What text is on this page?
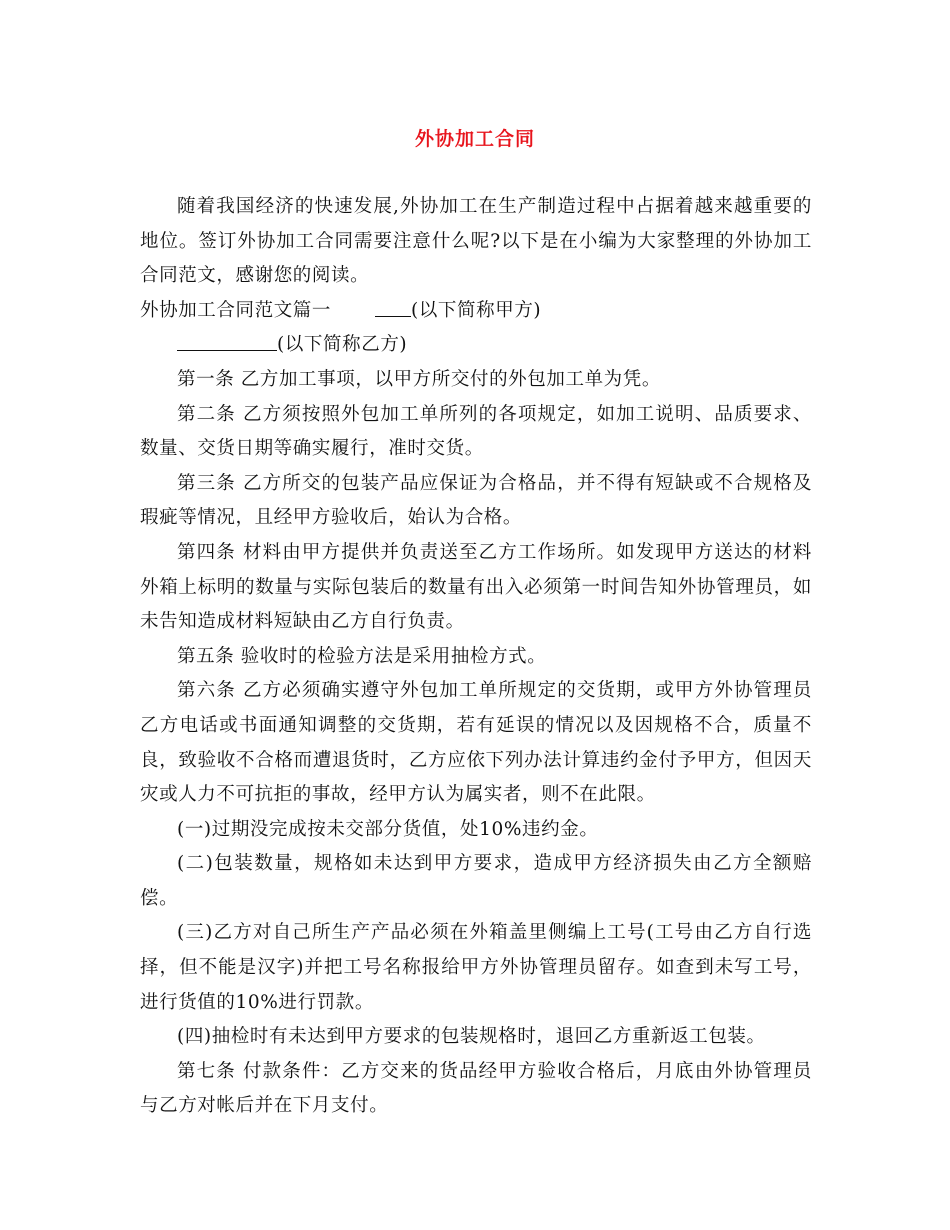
外协加工合同

随着我国经济的快速发展,外协加工在生产制造过程中占据着越来越重要的地位。签订外协加工合同需要注意什么呢?以下是在小编为大家整理的外协加工合同范文，感谢您的阅读。

外协加工合同范文篇一	(以下简称甲方)

(以下简称乙方)

第一条 乙方加工事项，以甲方所交付的外包加工单为凭。

第二条 乙方须按照外包加工单所列的各项规定，如加工说明、品质要求、数量、交货日期等确实履行，准时交货。

第三条 乙方所交的包装产品应保证为合格品，并不得有短缺或不合规格及瑕疵等情况，且经甲方验收后，始认为合格。

第四条 材料由甲方提供并负责送至乙方工作场所。如发现甲方送达的材料外箱上标明的数量与实际包装后的数量有出入必须第一时间告知外协管理员，如未告知造成材料短缺由乙方自行负责。

第五条 验收时的检验方法是采用抽检方式。

第六条 乙方必须确实遵守外包加工单所规定的交货期，或甲方外协管理员乙方电话或书面通知调整的交货期，若有延误的情况以及因规格不合，质量不良，致验收不合格而遭退货时，乙方应依下列办法计算违约金付予甲方，但因天灾或人力不可抗拒的事故，经甲方认为属实者，则不在此限。

(一)过期没完成按未交部分货值，处10%违约金。

(二)包装数量，规格如未达到甲方要求，造成甲方经济损失由乙方全额赔偿。

(三)乙方对自己所生产产品必须在外箱盖里侧编上工号(工号由乙方自行选择，但不能是汉字)并把工号名称报给甲方外协管理员留存。如查到未写工号，进行货值的10%进行罚款。

(四)抽检时有未达到甲方要求的包装规格时，退回乙方重新返工包装。

第七条 付款条件：乙方交来的货品经甲方验收合格后，月底由外协管理员与乙方对帐后并在下月支付。
